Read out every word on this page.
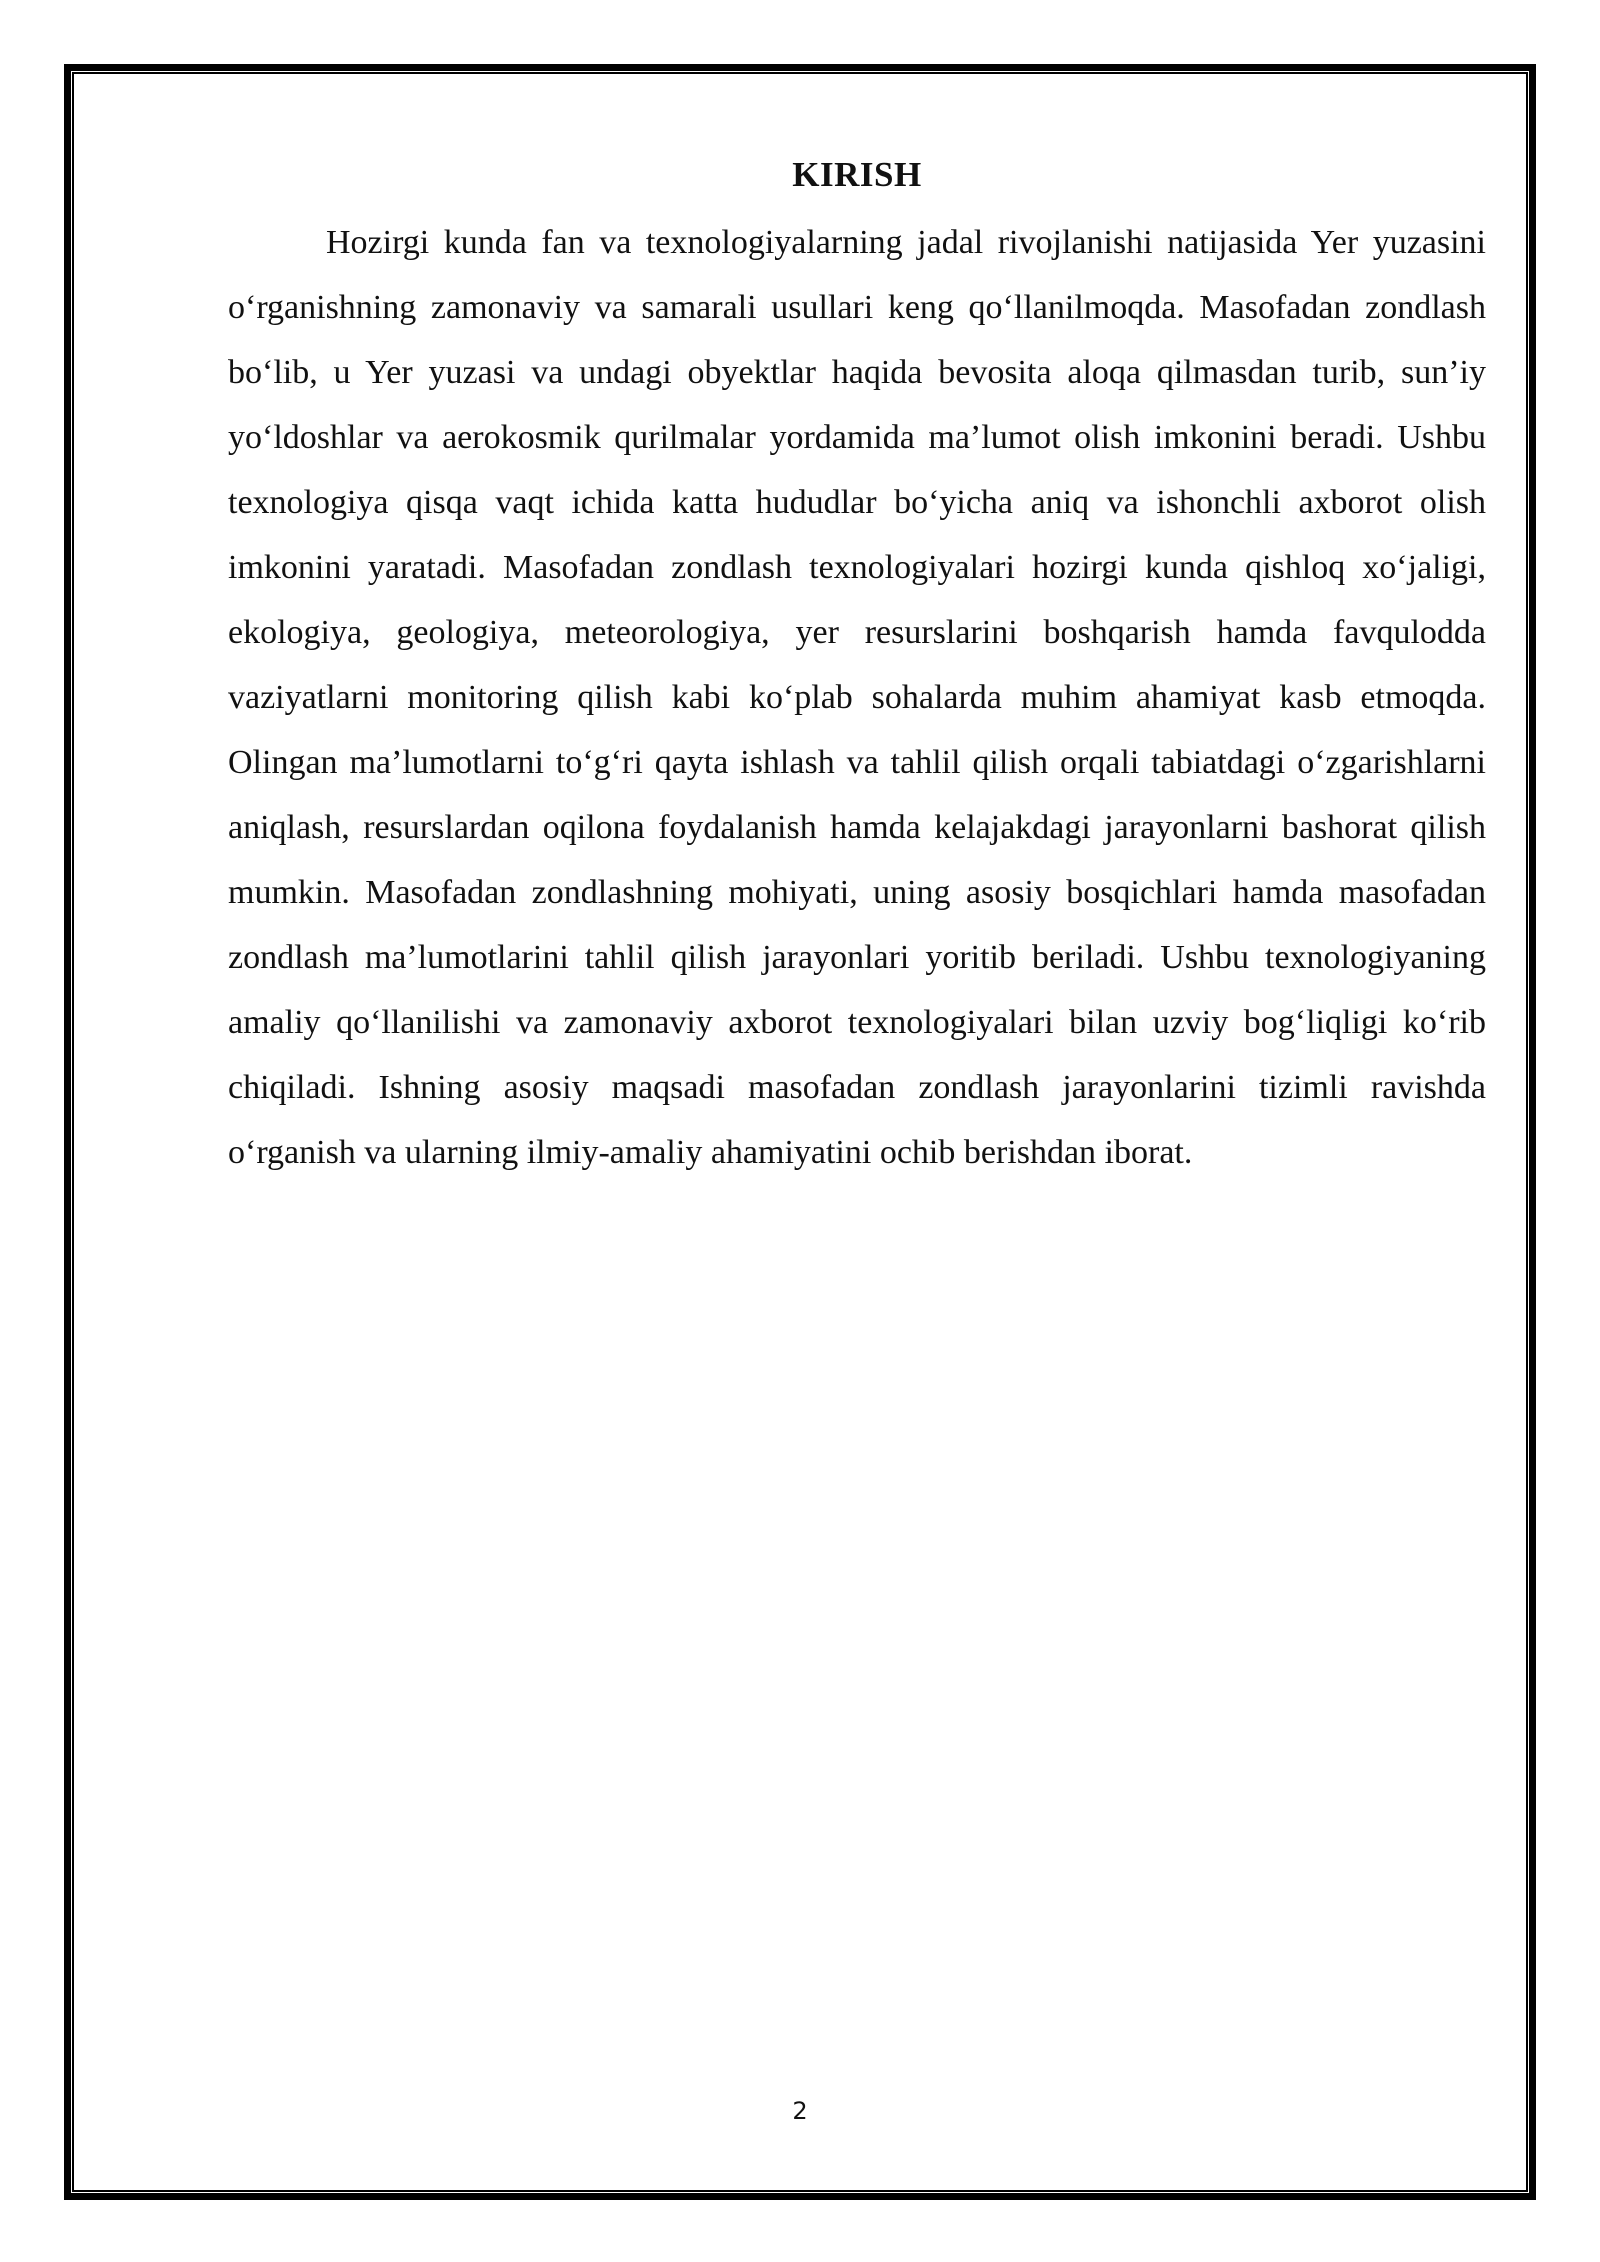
KIRISH

Hozirgi kunda fan va texnologiyalarning jadal rivojlanishi natijasida Yer yuzasini o‘rganishning zamonaviy va samarali usullari keng qo‘llanilmoqda. Masofadan zondlash bo‘lib, u Yer yuzasi va undagi obyektlar haqida bevosita aloqa qilmasdan turib, sun’iy yo‘ldoshlar va aerokosmik qurilmalar yordamida ma’lumot olish imkonini beradi. Ushbu texnologiya qisqa vaqt ichida katta hududlar bo‘yicha aniq va ishonchli axborot olish imkonini yaratadi. Masofadan zondlash texnologiyalari hozirgi kunda qishloq xo‘jaligi, ekologiya, geologiya, meteorologiya, yer resurslarini boshqarish hamda favqulodda vaziyatlarni monitoring qilish kabi ko‘plab sohalarda muhim ahamiyat kasb etmoqda. Olingan ma’lumotlarni to‘g‘ri qayta ishlash va tahlil qilish orqali tabiatdagi o‘zgarishlarni aniqlash, resurslardan oqilona foydalanish hamda kelajakdagi jarayonlarni bashorat qilish mumkin. Masofadan zondlashning mohiyati, uning asosiy bosqichlari hamda masofadan zondlash ma’lumotlarini tahlil qilish jarayonlari yoritib beriladi. Ushbu texnologiyaning amaliy qo‘llanilishi va zamonaviy axborot texnologiyalari bilan uzviy bog‘liqligi ko‘rib chiqiladi. Ishning asosiy maqsadi masofadan zondlash jarayonlarini tizimli ravishda o‘rganish va ularning ilmiy-amaliy ahamiyatini ochib berishdan iborat.

2
